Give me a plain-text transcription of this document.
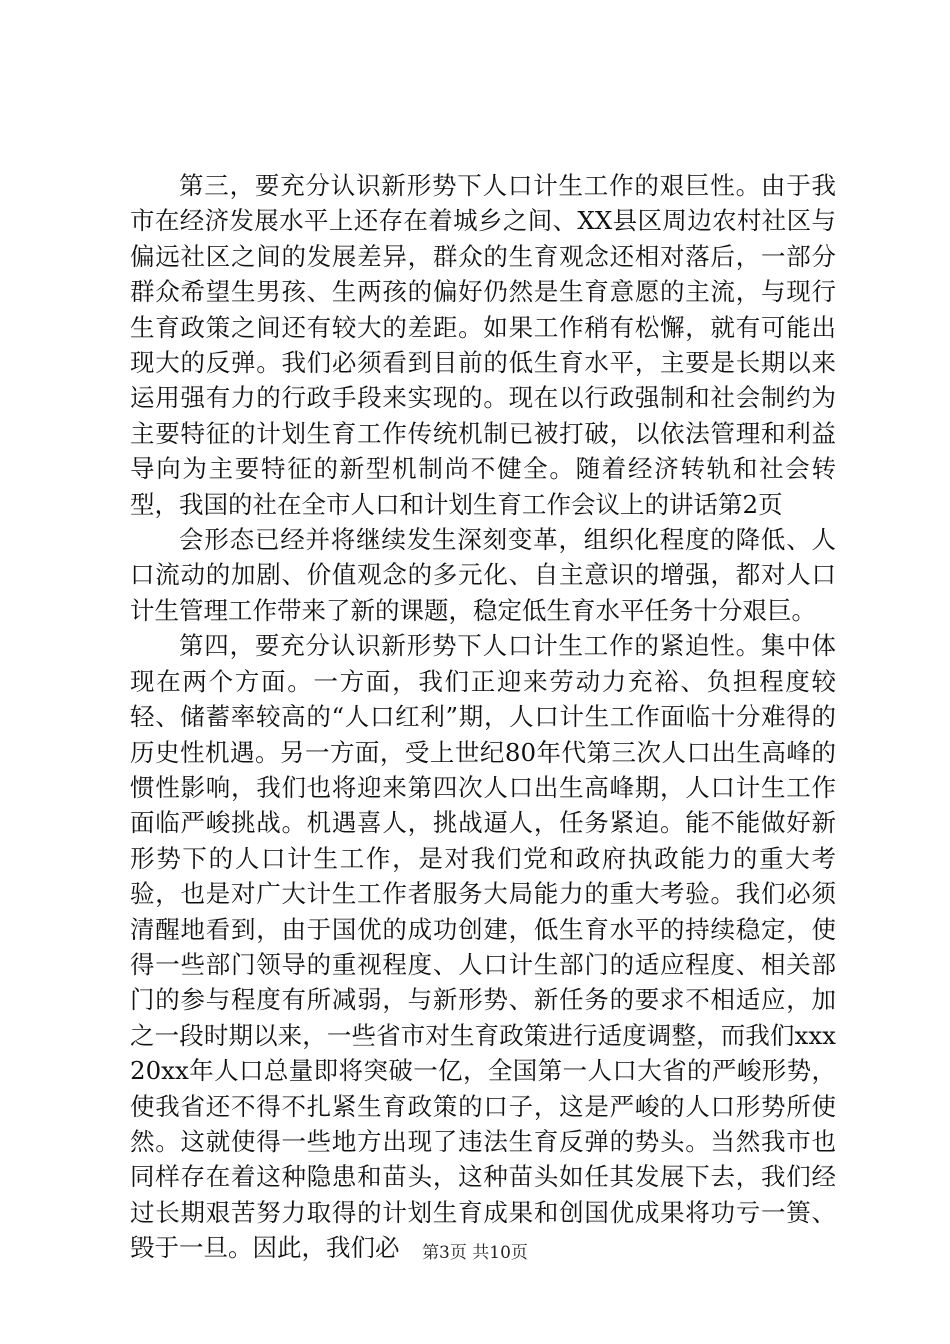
第三，要充分认识新形势下人口计生工作的艰巨性。由于我市在经济发展水平上还存在着城乡之间、XX县区周边农村社区与偏远社区之间的发展差异，群众的生育观念还相对落后，一部分群众希望生男孩、生两孩的偏好仍然是生育意愿的主流，与现行生育政策之间还有较大的差距。如果工作稍有松懈，就有可能出现大的反弹。我们必须看到目前的低生育水平，主要是长期以来运用强有力的行政手段来实现的。现在以行政强制和社会制约为主要特征的计划生育工作传统机制已被打破，以依法管理和利益导向为主要特征的新型机制尚不健全。随着经济转轨和社会转型，我国的社在全市人口和计划生育工作会议上的讲话第2页

会形态已经并将继续发生深刻变革，组织化程度的降低、人口流动的加剧、价值观念的多元化、自主意识的增强，都对人口计生管理工作带来了新的课题，稳定低生育水平任务十分艰巨。

第四，要充分认识新形势下人口计生工作的紧迫性。集中体现在两个方面。一方面，我们正迎来劳动力充裕、负担程度较轻、储蓄率较高的“人口红利”期，人口计生工作面临十分难得的历史性机遇。另一方面，受上世纪80年代第三次人口出生高峰的惯性影响，我们也将迎来第四次人口出生高峰期，人口计生工作面临严峻挑战。机遇喜人，挑战逼人，任务紧迫。能不能做好新形势下的人口计生工作，是对我们党和政府执政能力的重大考验，也是对广大计生工作者服务大局能力的重大考验。我们必须清醒地看到，由于国优的成功创建，低生育水平的持续稳定，使得一些部门领导的重视程度、人口计生部门的适应程度、相关部门的参与程度有所减弱，与新形势、新任务的要求不相适应，加之一段时期以来，一些省市对生育政策进行适度调整，而我们xxx20xx年人口总量即将突破一亿，全国第一人口大省的严峻形势，使我省还不得不扎紧生育政策的口子，这是严峻的人口形势所使然。这就使得一些地方出现了违法生育反弹的势头。当然我市也同样存在着这种隐患和苗头，这种苗头如任其发展下去，我们经过长期艰苦努力取得的计划生育成果和创国优成果将功亏一篑、毁于一旦。因此，我们必	第3页 共10页
